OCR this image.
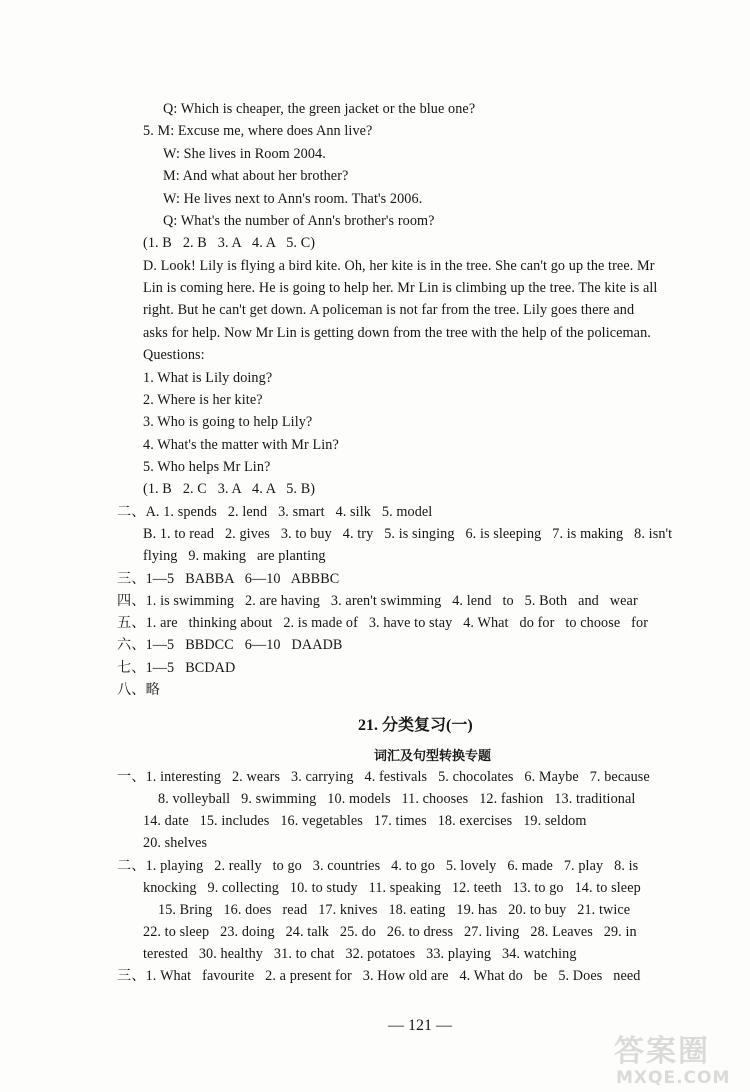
Q: Which is cheaper, the green jacket or the blue one?
5. M: Excuse me, where does Ann live?
W: She lives in Room 2004.
M: And what about her brother?
W: He lives next to Ann's room. That's 2006.
Q: What's the number of Ann's brother's room?
(1. B   2. B   3. A   4. A   5. C)
D. Look! Lily is flying a bird kite. Oh, her kite is in the tree. She can't go up the tree. Mr
Lin is coming here. He is going to help her. Mr Lin is climbing up the tree. The kite is all
right. But he can't get down. A policeman is not far from the tree. Lily goes there and
asks for help. Now Mr Lin is getting down from the tree with the help of the policeman.
Questions:
1. What is Lily doing?
2. Where is her kite?
3. Who is going to help Lily?
4. What's the matter with Mr Lin?
5. Who helps Mr Lin?
(1. B   2. C   3. A   4. A   5. B)
二、A. 1. spends   2. lend   3. smart   4. silk   5. model
B. 1. to read   2. gives   3. to buy   4. try   5. is singing   6. is sleeping   7. is making   8. isn't
flying   9. making   are planting
三、1—5   BABBA   6—10   ABBBC
四、1. is swimming   2. are having   3. aren't swimming   4. lend   to   5. Both   and   wear
五、1. are   thinking about   2. is made of   3. have to stay   4. What   do for   to choose   for
六、1—5   BBDCC   6—10   DAADB
七、1—5   BCDAD
八、略
21. 分类复习(一)
词汇及句型转换专题
一、1. interesting   2. wears   3. carrying   4. festivals   5. chocolates   6. Maybe   7. because
8. volleyball   9. swimming   10. models   11. chooses   12. fashion   13. traditional
14. date   15. includes   16. vegetables   17. times   18. exercises   19. seldom
20. shelves
二、1. playing   2. really   to go   3. countries   4. to go   5. lovely   6. made   7. play   8. is
knocking   9. collecting   10. to study   11. speaking   12. teeth   13. to go   14. to sleep
15. Bring   16. does   read   17. knives   18. eating   19. has   20. to buy   21. twice
22. to sleep   23. doing   24. talk   25. do   26. to dress   27. living   28. Leaves   29. in
terested   30. healthy   31. to chat   32. potatoes   33. playing   34. watching
三、1. What   favourite   2. a present for   3. How old are   4. What do   be   5. Does   need
— 121 —
答案圈
MXQE.COM
